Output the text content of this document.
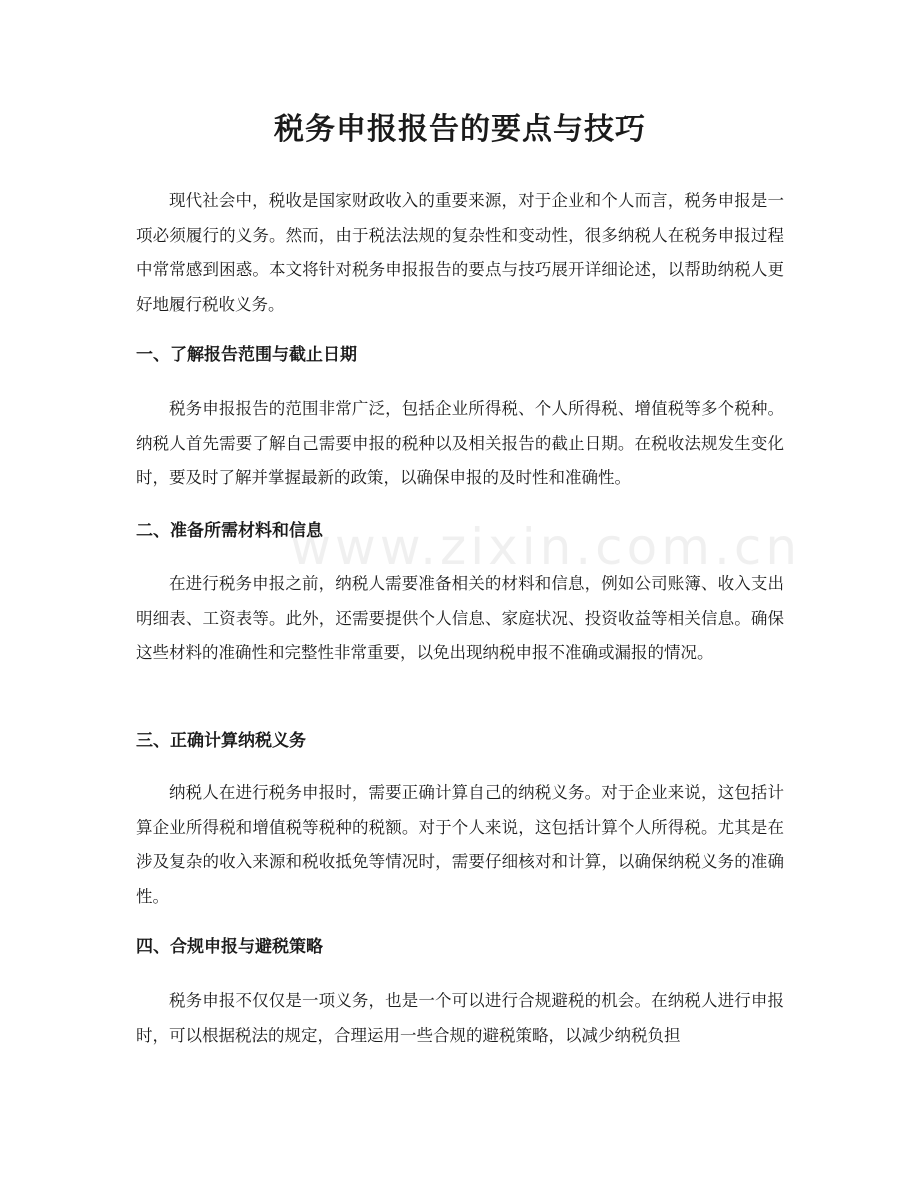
www.zixin.com.cn
税务申报报告的要点与技巧
现代社会中，税收是国家财政收入的重要来源，对于企业和个人而言，税务申报是一项必须履行的义务。然而，由于税法法规的复杂性和变动性，很多纳税人在税务申报过程中常常感到困惑。本文将针对税务申报报告的要点与技巧展开详细论述，以帮助纳税人更好地履行税收义务。
一、了解报告范围与截止日期
税务申报报告的范围非常广泛，包括企业所得税、个人所得税、增值税等多个税种。纳税人首先需要了解自己需要申报的税种以及相关报告的截止日期。在税收法规发生变化时，要及时了解并掌握最新的政策，以确保申报的及时性和准确性。
二、准备所需材料和信息
在进行税务申报之前，纳税人需要准备相关的材料和信息，例如公司账簿、收入支出明细表、工资表等。此外，还需要提供个人信息、家庭状况、投资收益等相关信息。确保这些材料的准确性和完整性非常重要，以免出现纳税申报不准确或漏报的情况。
三、正确计算纳税义务
纳税人在进行税务申报时，需要正确计算自己的纳税义务。对于企业来说，这包括计算企业所得税和增值税等税种的税额。对于个人来说，这包括计算个人所得税。尤其是在涉及复杂的收入来源和税收抵免等情况时，需要仔细核对和计算，以确保纳税义务的准确性。
四、合规申报与避税策略
税务申报不仅仅是一项义务，也是一个可以进行合规避税的机会。在纳税人进行申报时，可以根据税法的规定，合理运用一些合规的避税策略，以减少纳税负担
